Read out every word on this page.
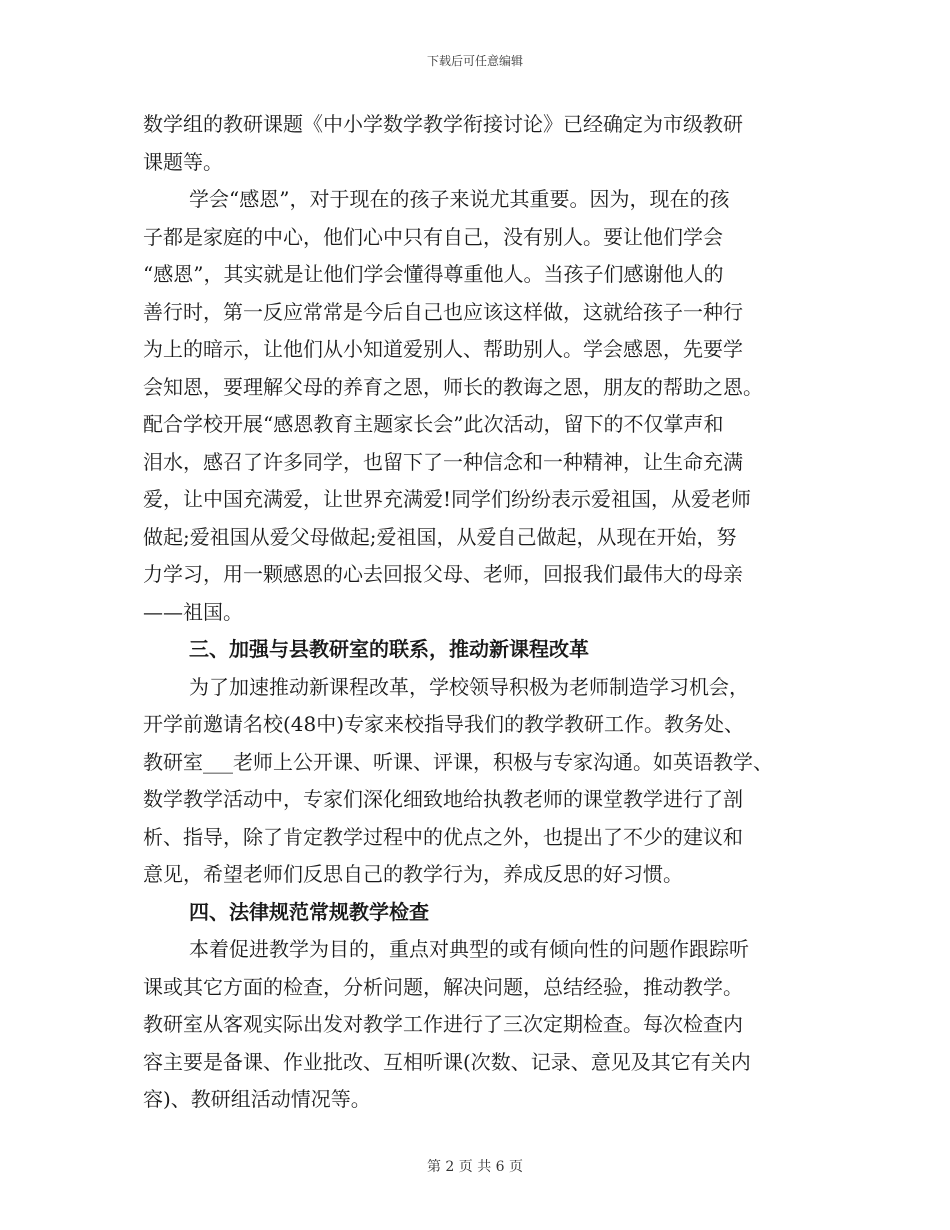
下载后可任意编辑
数学组的教研课题《中小学数学教学衔接讨论》已经确定为市级教研
课题等。
学会“感恩”，对于现在的孩子来说尤其重要。因为，现在的孩
子都是家庭的中心，他们心中只有自己，没有别人。要让他们学会
“感恩”，其实就是让他们学会懂得尊重他人。当孩子们感谢他人的
善行时，第一反应常常是今后自己也应该这样做，这就给孩子一种行
为上的暗示，让他们从小知道爱别人、帮助别人。学会感恩，先要学
会知恩，要理解父母的养育之恩，师长的教诲之恩，朋友的帮助之恩。
配合学校开展“感恩教育主题家长会”此次活动，留下的不仅掌声和
泪水，感召了许多同学，也留下了一种信念和一种精神，让生命充满
爱，让中国充满爱，让世界充满爱!同学们纷纷表示爱祖国，从爱老师
做起;爱祖国从爱父母做起;爱祖国，从爱自己做起，从现在开始，努
力学习，用一颗感恩的心去回报父母、老师，回报我们最伟大的母亲
——祖国。
三、加强与县教研室的联系，推动新课程改革
为了加速推动新课程改革，学校领导积极为老师制造学习机会，
开学前邀请名校(48中)专家来校指导我们的教学教研工作。教务处、
教研室___老师上公开课、听课、评课，积极与专家沟通。如英语教学、
数学教学活动中，专家们深化细致地给执教老师的课堂教学进行了剖
析、指导，除了肯定教学过程中的优点之外，也提出了不少的建议和
意见，希望老师们反思自己的教学行为，养成反思的好习惯。
四、法律规范常规教学检查
本着促进教学为目的，重点对典型的或有倾向性的问题作跟踪听
课或其它方面的检查，分析问题，解决问题，总结经验，推动教学。
教研室从客观实际出发对教学工作进行了三次定期检查。每次检查内
容主要是备课、作业批改、互相听课(次数、记录、意见及其它有关内
容)、教研组活动情况等。
第 2 页 共 6 页
